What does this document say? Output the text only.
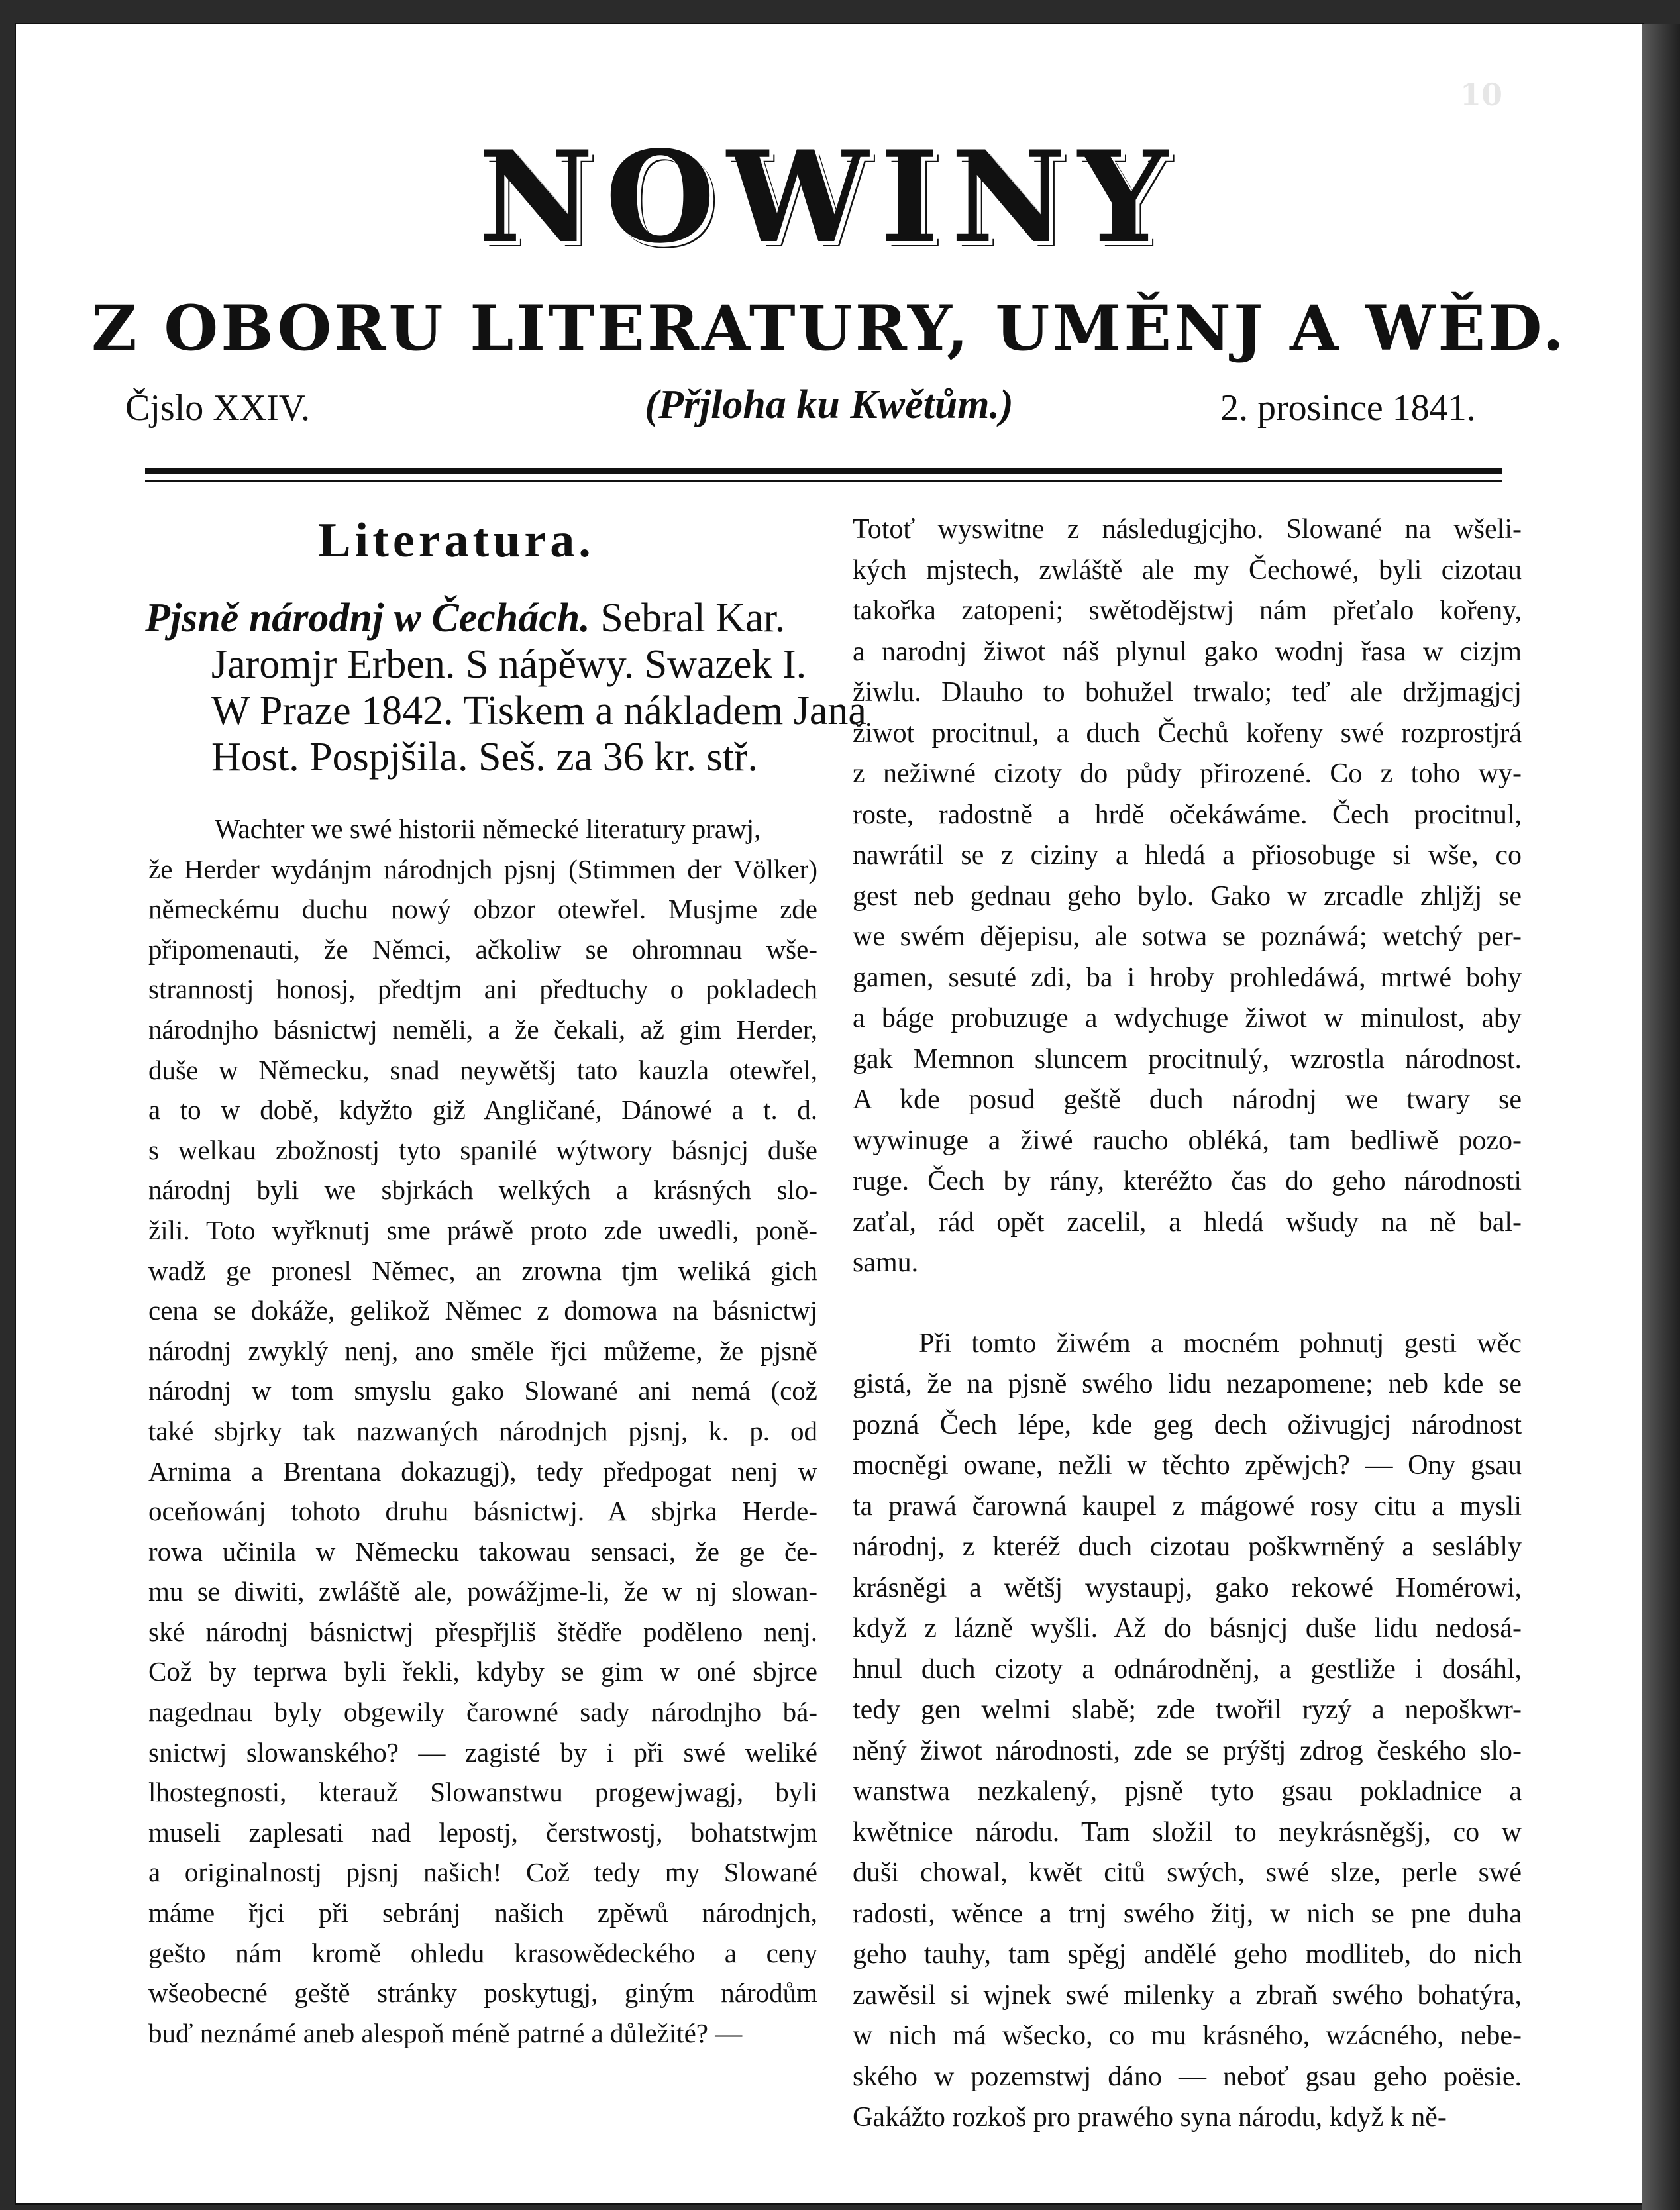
10
NOWINY
Z OBORU LITERATURY, UMĚNJ A WĚD.
Čjslo XXIV.	(Přjloha ku Kwětům.)	2. prosince 1841.
Literatura.
Pjsně národnj w Čechách. Sebral Kar.
Jaromjr Erben. S nápěwy. Swazek I.
W Praze 1842. Tiskem a nákladem Jana
Host. Pospjšila. Seš. za 36 kr. stř.
Wachter we swé historii německé literatury prawj,
že Herder wydánjm národnjch pjsnj (Stimmen der Völker)
německému duchu nowý obzor otewřel. Musjme zde
připomenauti, že Němci, ačkoliw se ohromnau wše-
strannostj honosj, předtjm ani předtuchy o pokladech
národnjho básnictwj neměli, a že čekali, až gim Herder,
duše w Německu, snad neywětšj tato kauzla otewřel,
a to w době, kdyžto giž Angličané, Dánowé a t. d.
s welkau zbožnostj tyto spanilé wýtwory básnjcj duše
národnj byli we sbjrkách welkých a krásných slo-
žili. Toto wyřknutj sme práwě proto zde uwedli, poně-
wadž ge pronesl Němec, an zrowna tjm weliká gich
cena se dokáže, gelikož Němec z domowa na básnictwj
národnj zwyklý nenj, ano směle řjci můžeme, že pjsně
národnj w tom smyslu gako Slowané ani nemá (což
také sbjrky tak nazwaných národnjch pjsnj, k. p. od
Arnima a Brentana dokazugj), tedy předpogat nenj w
oceňowánj tohoto druhu básnictwj. A sbjrka Herde-
rowa učinila w Německu takowau sensaci, že ge če-
mu se diwiti, zwláště ale, powážjme-li, že w nj slowan-
ské národnj básnictwj přespřjliš štědře poděleno nenj.
Což by teprwa byli řekli, kdyby se gim w oné sbjrce
nagednau byly obgewily čarowné sady národnjho bá-
snictwj slowanského? — zagisté by i při swé weliké
lhostegnosti, kterauž Slowanstwu progewjwagj, byli
museli zaplesati nad lepostj, čerstwostj, bohatstwjm
a originalnostj pjsnj našich! Což tedy my Slowané
máme řjci při sebránj našich zpěwů národnjch,
gešto nám kromě ohledu krasowědeckého a ceny
wšeobecné geště stránky poskytugj, giným národům
buď neznámé aneb alespoň méně patrné a důležité? —
Totoť wyswitne z následugjcjho. Slowané na wšeli-
kých mjstech, zwláště ale my Čechowé, byli cizotau
takořka zatopeni; swětodějstwj nám přeťalo kořeny,
a narodnj žiwot náš plynul gako wodnj řasa w cizjm
žiwlu. Dlauho to bohužel trwalo; teď ale držjmagjcj
žiwot procitnul, a duch Čechů kořeny swé rozprostjrá
z nežiwné cizoty do půdy přirozené. Co z toho wy-
roste, radostně a hrdě očekáwáme. Čech procitnul,
nawrátil se z ciziny a hledá a přiosobuge si wše, co
gest neb gednau geho bylo. Gako w zrcadle zhljžj se
we swém dějepisu, ale sotwa se poznáwá; wetchý per-
gamen, sesuté zdi, ba i hroby prohledáwá, mrtwé bohy
a báge probuzuge a wdychuge žiwot w minulost, aby
gak Memnon sluncem procitnulý, wzrostla národnost.
A kde posud geště duch národnj we twary se
wywinuge a žiwé raucho obléká, tam bedliwě pozo-
ruge. Čech by rány, kteréžto čas do geho národnosti
zaťal, rád opět zacelil, a hledá wšudy na ně bal-
samu.
Při tomto žiwém a mocném pohnutj gesti wěc
gistá, že na pjsně swého lidu nezapomene; neb kde se
pozná Čech lépe, kde geg dech oživugjcj národnost
mocněgi owane, nežli w těchto zpěwjch? — Ony gsau
ta prawá čarowná kaupel z mágowé rosy citu a mysli
národnj, z kteréž duch cizotau poškwrněný a seslábly
krásněgi a wětšj wystaupj, gako rekowé Homérowi,
když z lázně wyšli. Až do básnjcj duše lidu nedosá-
hnul duch cizoty a odnárodněnj, a gestliže i dosáhl,
tedy gen welmi slabě; zde twořil ryzý a nepoškwr-
něný žiwot národnosti, zde se prýštj zdrog českého slo-
wanstwa nezkalený, pjsně tyto gsau pokladnice a
kwětnice národu. Tam složil to neykrásněgšj, co w
duši chowal, kwět citů swých, swé slze, perle swé
radosti, wěnce a trnj swého žitj, w nich se pne duha
geho tauhy, tam spěgj andělé geho modliteb, do nich
zawěsil si wjnek swé milenky a zbraň swého bohatýra,
w nich má wšecko, co mu krásného, wzácného, nebe-
ského w pozemstwj dáno — neboť gsau geho poësie.
Gakážto rozkoš pro prawého syna národu, když k ně-
